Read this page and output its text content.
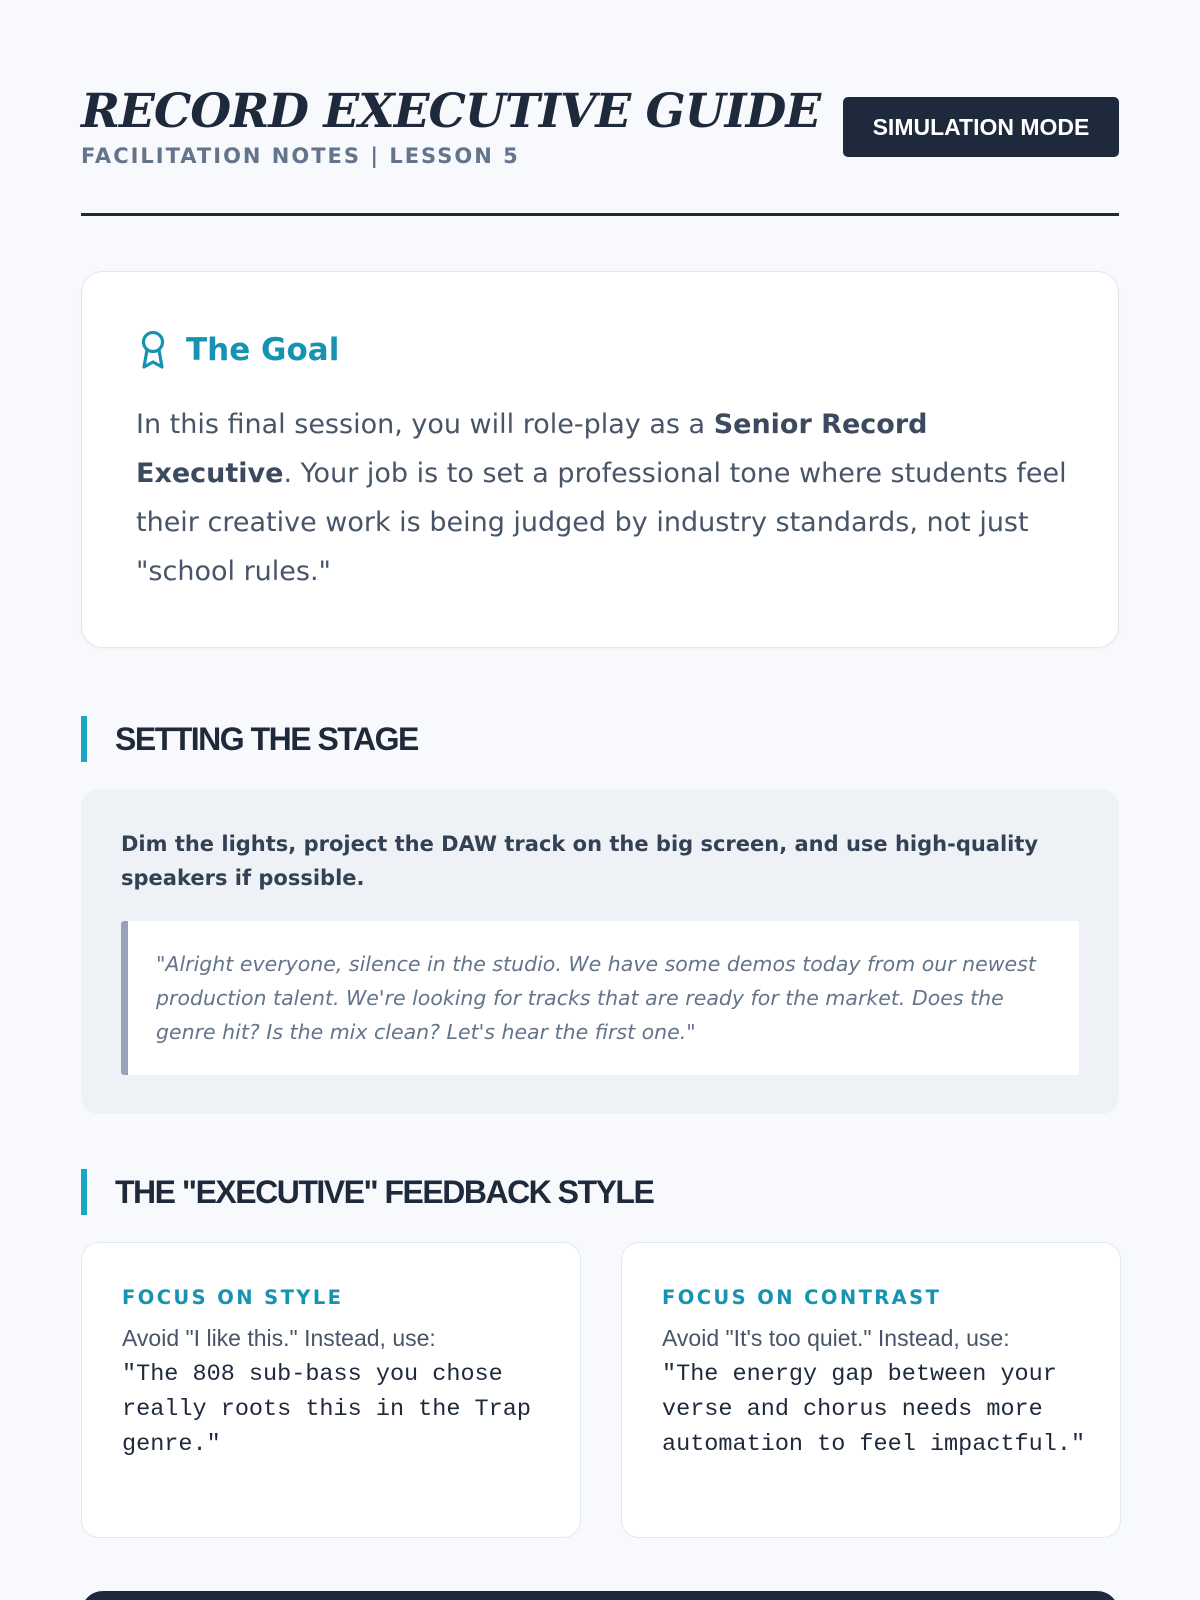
RECORD EXECUTIVE GUIDE
FACILITATION NOTES | LESSON 5
SIMULATION MODE
The Goal

In this final session, you will role-play as a Senior Record Executive. Your job is to set a professional tone where students feel their creative work is being judged by industry standards, not just "school rules."

SETTING THE STAGE

Dim the lights, project the DAW track on the big screen, and use high-quality speakers if possible.

"Alright everyone, silence in the studio. We have some demos today from our newest production talent. We're looking for tracks that are ready for the market. Does the genre hit? Is the mix clean? Let's hear the first one."
THE "EXECUTIVE" FEEDBACK STYLE
FOCUS ON STYLE
Avoid "I like this." Instead, use:
"The 808 sub-bass you chose really roots this in the Trap genre."
FOCUS ON CONTRAST
Avoid "It's too quiet." Instead, use:
"The energy gap between your verse and chorus needs more automation to feel impactful."
